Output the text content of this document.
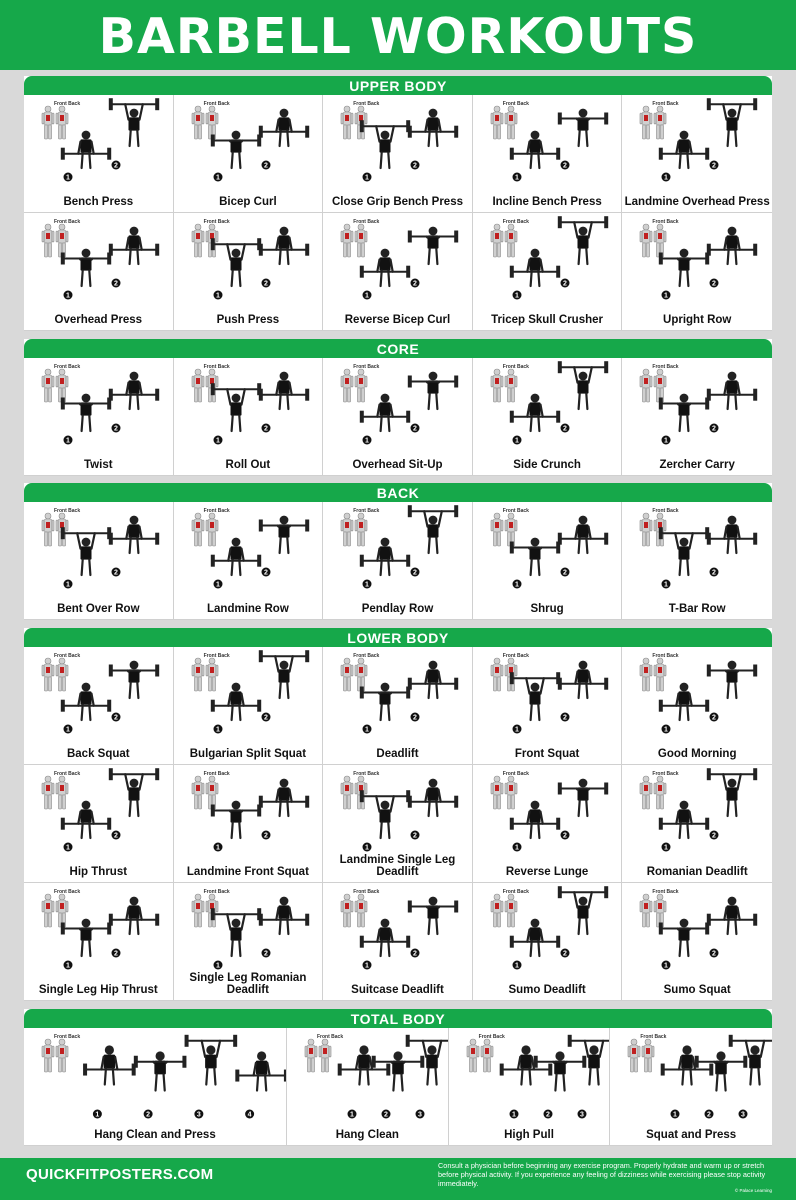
BARBELL WORKOUTS
UPPER BODY
1
2
Front Back
Bench Press
1
2
Front Back
Bicep Curl
1
2
Front Back
Close Grip Bench Press
1
2
Front Back
Incline Bench Press
1
2
Front Back
Landmine Overhead Press
1
2
Front Back
Overhead Press
1
2
Front Back
Push Press
1
2
Front Back
Reverse Bicep Curl
1
2
Front Back
Tricep Skull Crusher
1
2
Front Back
Upright Row
CORE
1
2
Front Back
Twist
1
2
Front Back
Roll Out
1
2
Front Back
Overhead Sit-Up
1
2
Front Back
Side Crunch
1
2
Front Back
Zercher Carry
BACK
1
2
Front Back
Bent Over Row
1
2
Front Back
Landmine Row
1
2
Front Back
Pendlay Row
1
2
Front Back
Shrug
1
2
Front Back
T-Bar Row
LOWER BODY
1
2
Front Back
Back Squat
1
2
Front Back
Bulgarian Split Squat
1
2
Front Back
Deadlift
1
2
Front Back
Front Squat
1
2
Front Back
Good Morning
1
2
Front Back
Hip Thrust
1
2
Front Back
Landmine Front Squat
1
2
Front Back
Landmine Single Leg Deadlift
1
2
Front Back
Reverse Lunge
1
2
Front Back
Romanian Deadlift
1
2
Front Back
Single Leg Hip Thrust
1
2
Front Back
Single Leg Romanian Deadlift
1
2
Front Back
Suitcase Deadlift
1
2
Front Back
Sumo Deadlift
1
2
Front Back
Sumo Squat
TOTAL BODY
1	2	3	4
Front Back
Hang Clean and Press
1	2	3
Front Back
Hang Clean
1	2	3
Front Back
High Pull
1	2	3
Front Back
Squat and Press
QUICKFITPOSTERS.COM
Consult a physician before beginning any exercise program. Properly hydrate and warm up or stretch before physical activity. If you experience any feeling of dizziness while exercising please stop activity immediately.
© Palace Learning
